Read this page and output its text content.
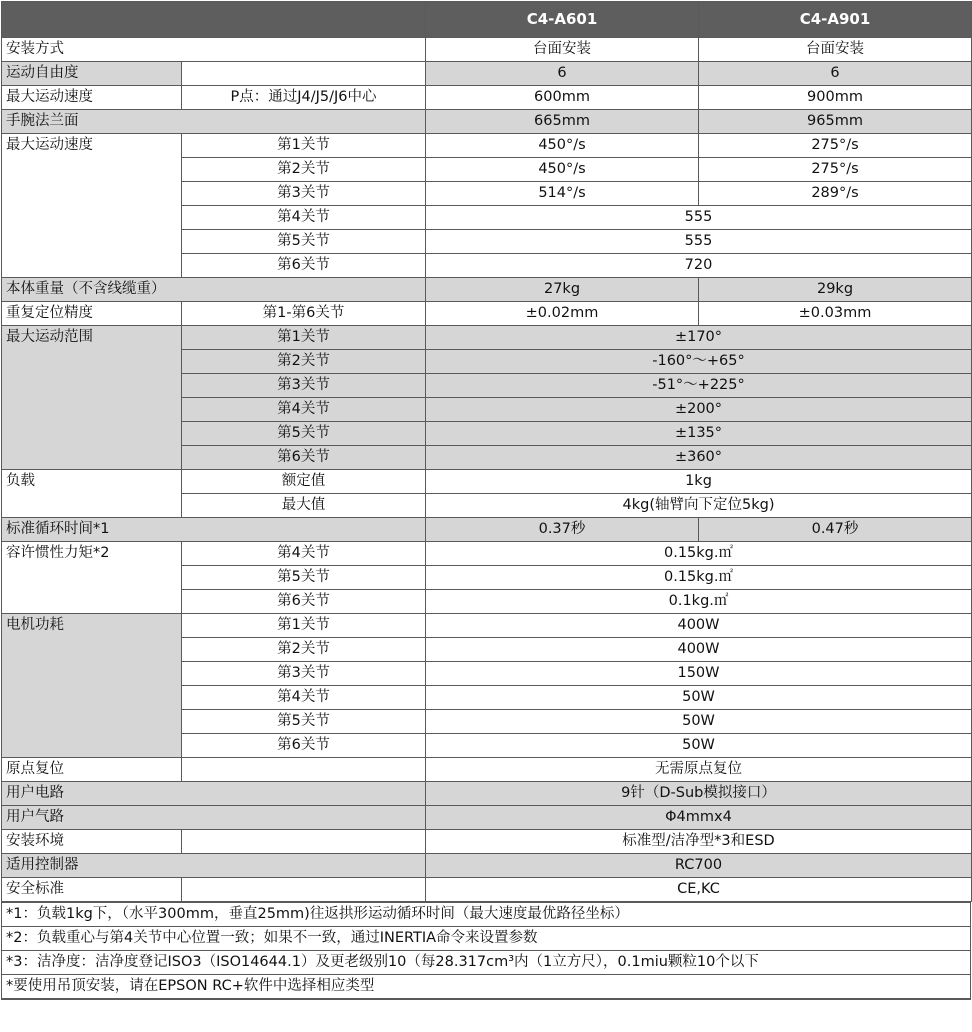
		C4-A601	C4-A901
安装方式		台面安装	台面安装
运动自由度		6	6
最大运动速度	P点：通过J4/J5/J6中心	600mm	900mm
手腕法兰面		665mm	965mm
最大运动速度	第1关节	450°/s	275°/s
	第2关节	450°/s	275°/s
	第3关节	514°/s	289°/s
	第4关节	555	
	第5关节	555	
	第6关节	720	
本体重量（不含线缆重）		27kg	29kg
重复定位精度	第1-第6关节	±0.02mm	±0.03mm
最大运动范围	第1关节	±170°	
	第2关节	-160°～+65°	
	第3关节	-51°～+225°	
	第4关节	±200°	
	第5关节	±135°	
	第6关节	±360°	
负载	额定值	1kg	
	最大值	4kg(轴臂向下定位5kg)	
标准循环时间*1		0.37秒	0.47秒
容许惯性力矩*2	第4关节	0.15kg.㎡	
	第5关节	0.15kg.㎡	
	第6关节	0.1kg.㎡	
电机功耗	第1关节	400W	
	第2关节	400W	
	第3关节	150W	
	第4关节	50W	
	第5关节	50W	
	第6关节	50W	
原点复位		无需原点复位	
用户电路		9针（D-Sub模拟接口）	
用户气路		Φ4mmx4	
安装环境		标准型/洁净型*3和ESD	
适用控制器		RC700	
安全标准		CE,KC	
*1：负载1kg下，（水平300mm，垂直25mm)往返拱形运动循环时间（最大速度最优路径坐标）
*2：负载重心与第4关节中心位置一致；如果不一致，通过INERTIA命令来设置参数
*3：洁净度：洁净度登记ISO3（ISO14644.1）及更老级别10（每28.317cm³内（1立方尺），0.1miu颗粒10个以下
*要使用吊顶安装，请在EPSON RC+软件中选择相应类型
